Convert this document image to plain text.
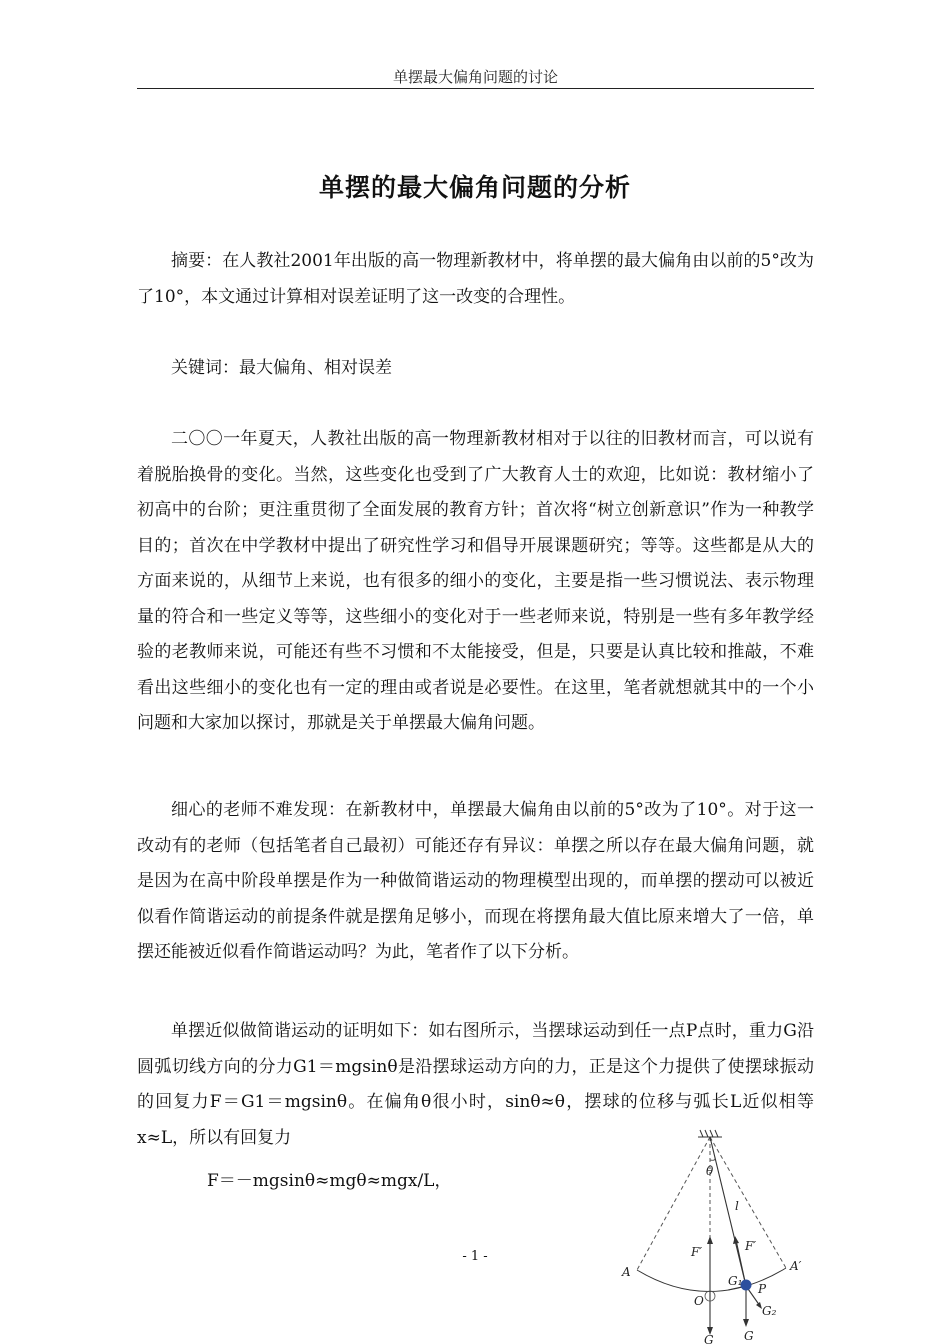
单摆最大偏角问题的讨论
单摆的最大偏角问题的分析

摘要：在人教社2001年出版的高一物理新教材中，将单摆的最大偏角由以前的5°改为了10°，本文通过计算相对误差证明了这一改变的合理性。

关键词：最大偏角、相对误差

二〇〇一年夏天，人教社出版的高一物理新教材相对于以往的旧教材而言，可以说有着脱胎换骨的变化。当然，这些变化也受到了广大教育人士的欢迎，比如说：教材缩小了初高中的台阶；更注重贯彻了全面发展的教育方针；首次将“树立创新意识”作为一种教学目的；首次在中学教材中提出了研究性学习和倡导开展课题研究；等等。这些都是从大的方面来说的，从细节上来说，也有很多的细小的变化，主要是指一些习惯说法、表示物理量的符合和一些定义等等，这些细小的变化对于一些老师来说，特别是一些有多年教学经验的老教师来说，可能还有些不习惯和不太能接受，但是，只要是认真比较和推敲，不难看出这些细小的变化也有一定的理由或者说是必要性。在这里，笔者就想就其中的一个小问题和大家加以探讨，那就是关于单摆最大偏角问题。

细心的老师不难发现：在新教材中，单摆最大偏角由以前的5°改为了10°。对于这一改动有的老师（包括笔者自己最初）可能还存有异议：单摆之所以存在最大偏角问题，就是因为在高中阶段单摆是作为一种做简谐运动的物理模型出现的，而单摆的摆动可以被近似看作简谐运动的前提条件就是摆角足够小，而现在将摆角最大值比原来增大了一倍，单摆还能被近似看作简谐运动吗？为此，笔者作了以下分析。

单摆近似做简谐运动的证明如下：如右图所示，当摆球运动到任一点P点时，重力G沿圆弧切线方向的分力G1＝mgsinθ是沿摆球运动方向的力，正是这个力提供了使摆球振动的回复力F＝G1＝mgsinθ。在偏角θ很小时，sinθ≈θ，摆球的位移与弧长L近似相等x≈L，所以有回复力

F＝－mgsinθ≈mgθ≈mgx/L，	θ
l
F′	F′
A	A′
O
G₁
P
G₂
G	G
- 1 -
